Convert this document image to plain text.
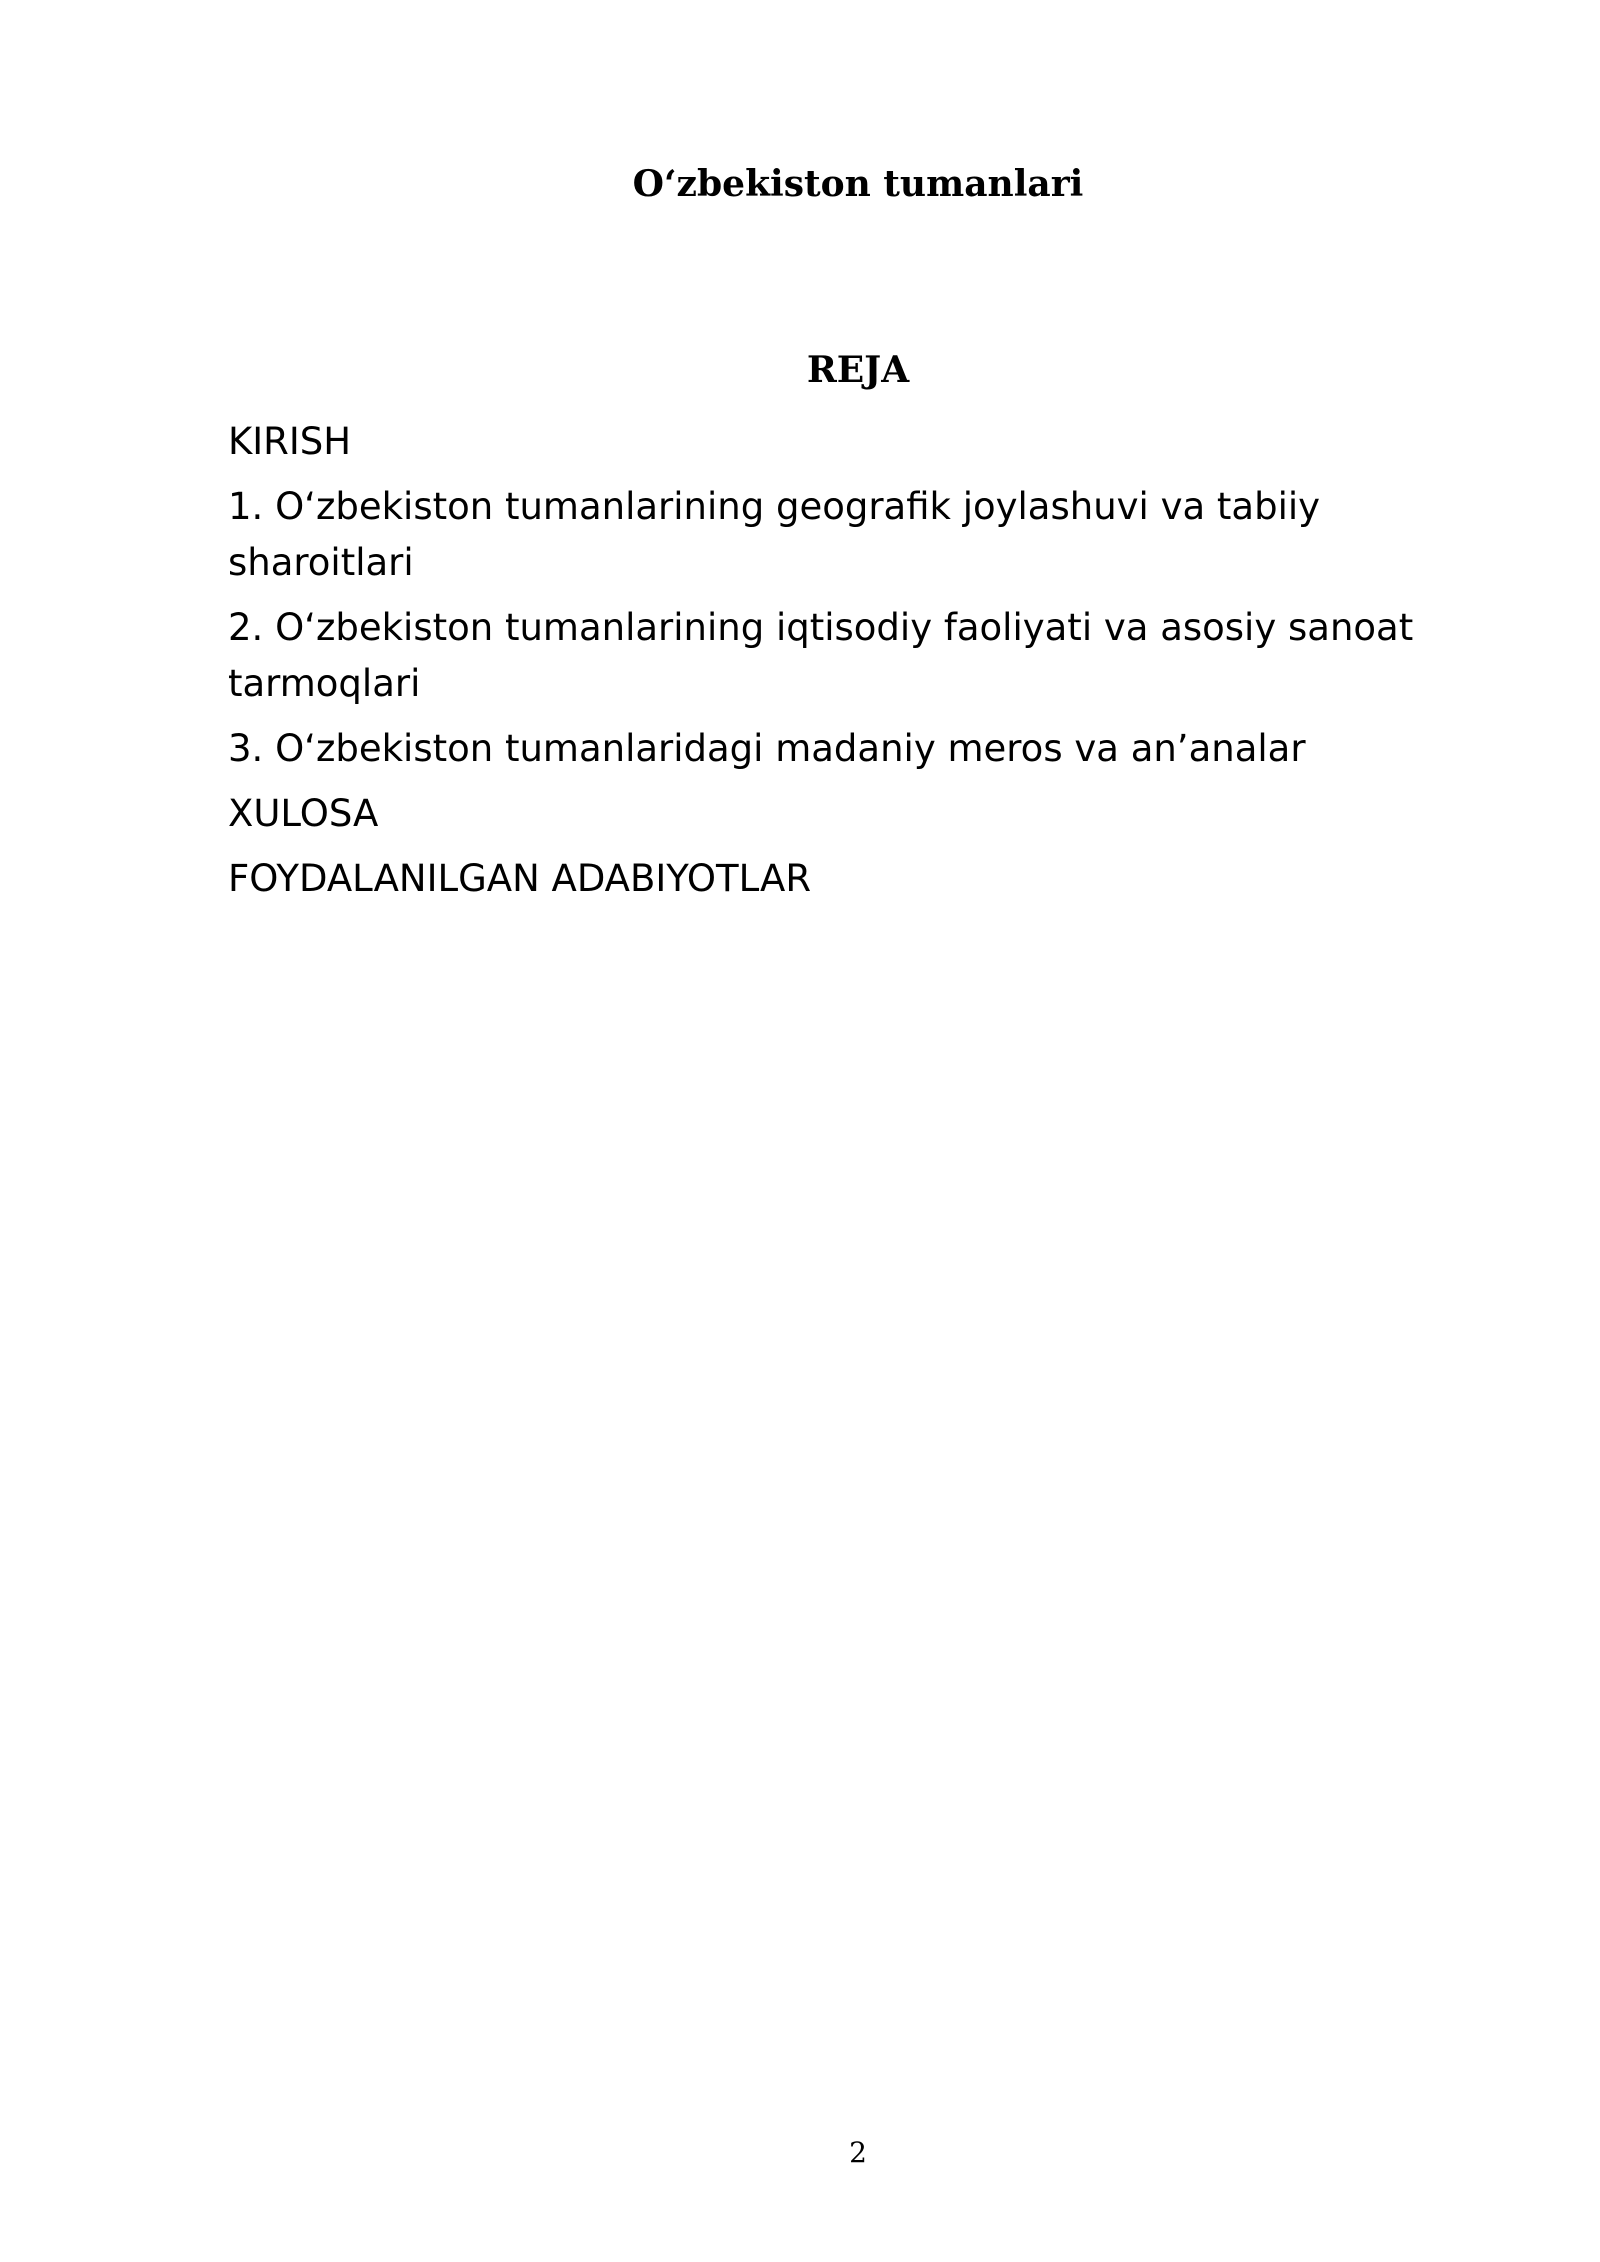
Oʻzbekiston tumanlari
REJA
KIRISH
1. Oʻzbekiston tumanlarining geografik joylashuvi va tabiiy sharoitlari
2. Oʻzbekiston tumanlarining iqtisodiy faoliyati va asosiy sanoat tarmoqlari
3. Oʻzbekiston tumanlaridagi madaniy meros va an’analar
XULOSA
FOYDALANILGAN ADABIYOTLAR
2
